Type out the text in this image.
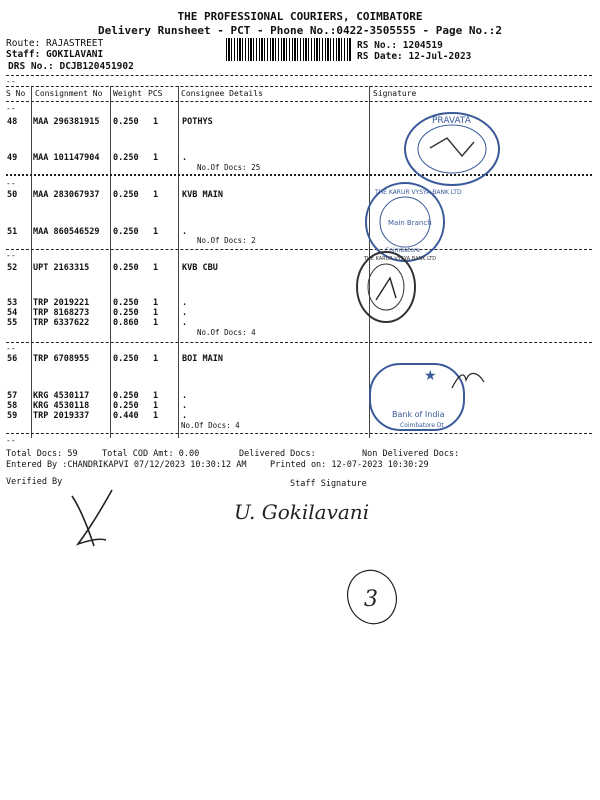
THE PROFESSIONAL COURIERS, COIMBATORE
Delivery Runsheet - PCT - Phone No.:0422-3505555 - Page No.:2
Route: RAJASTREET
Staff: GOKILAVANI
DRS No.: DCJB120451902
RS No.: 1204519
RS Date: 12-Jul-2023
--
S No Consignment No Weight PCS Consignee Details	Signature
--
48 MAA 296381915 0.250 1	POTHYS
49 MAA 101147904 0.250 1	.
No.Of Docs: 25
--
50 MAA 283067937 0.250 1	KVB MAIN
51 MAA 860546529 0.250 1	.
No.Of Docs: 2
--
52 UPT 2163315	0.250 1	KVB CBU
53 TRP 2019221	0.250 1	.
54 TRP 8168273	0.250 1	.
55 TRP 6337622	0.860 1	.
No.Of Docs: 4
--
56 TRP 6708955	0.250 1	BOI MAIN
57 KRG 4530117	0.250 1	.
58 KRG 4530118	0.250 1	.
59 TRP 2019337	0.440 1	.
No.Of Docs: 4
--
Total Docs: 59	Total COD Amt: 0.00	Delivered Docs:	Non Delivered Docs:
Entered By :CHANDRIKAPVI 07/12/2023 10:30:12 AM	Printed on: 12-07-2023 10:30:29
Verified By	Staff Signature
U. Gokilavani
3
PRAVATA
THE KARUR VYSYA BANK LTD
Main Branch
Coimbatore
THE KARUR VYSYA BANK LTD
★
Bank of India
Coimbatore Dt
